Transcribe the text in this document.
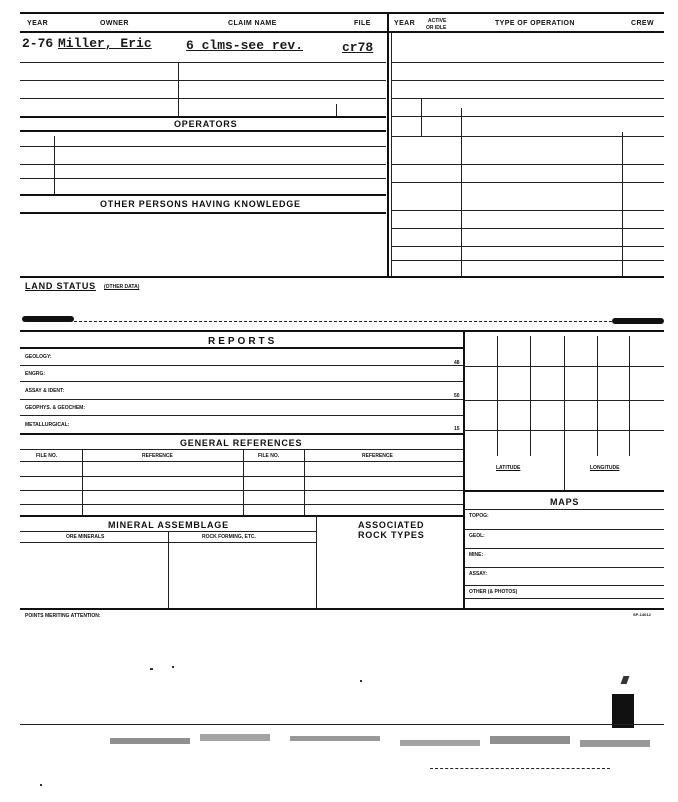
YEAR	OWNER	CLAIM NAME	FILE	YEAR	ACTIVE
OR IDLE
TYPE OF OPERATION	CREW
2-76 Miller, Eric	6 clms-see rev.	cr78
OPERATORS
OTHER PERSONS HAVING KNOWLEDGE
LAND STATUS (OTHER DATA)
REPORTS
GEOLOGY:
48
ENGRG:
ASSAY & IDENT:
50
GEOPHYS. & GEOCHEM:
METALLURGICAL:
15
GENERAL REFERENCES
FILE NO.	REFERENCE	FILE NO.	REFERENCE
LATITUDE	LONGITUDE
MAPS
TOPOG:
GEOL:
MINE:
ASSAY:
OTHER (& PHOTOS)
MINERAL ASSEMBLAGE
ORE MINERALS	ROCK FORMING, ETC.
ASSOCIATED
ROCK TYPES
POINTS MERITING ATTENTION:	SP-14012
